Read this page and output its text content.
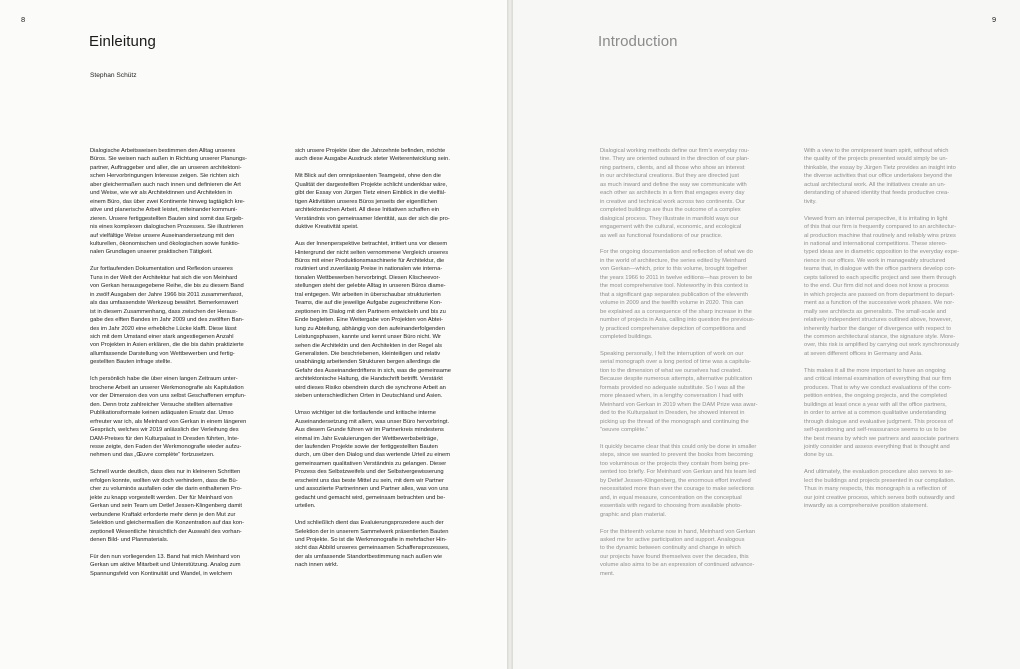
8
Einleitung
Stephan Schütz

Dialogische Arbeitsweisen bestimmen den Alltag unseres
Büros. Sie weisen nach außen in Richtung unserer Planungs-
partner, Auftraggeber und aller, die an unseren architektoni-
schen Hervorbringungen Interesse zeigen. Sie richten sich
aber gleichermaßen auch nach innen und definieren die Art
und Weise, wie wir als Architektinnen und Architekten in
einem Büro, das über zwei Kontinente hinweg tagtäglich kre-
ative und planerische Arbeit leistet, miteinander kommuni-
zieren. Unsere fertiggestellten Bauten sind somit das Ergeb-
nis eines komplexen dialogischen Prozesses. Sie illustrieren
auf vielfältige Weise unsere Auseinandersetzung mit den
kulturellen, ökonomischen und ökologischen sowie funktio-
nalen Grundlagen unserer praktischen Tätigkeit.

Zur fortlaufenden Dokumentation und Reflexion unseres
Tuns in der Welt der Architektur hat sich die von Meinhard
von Gerkan herausgegebene Reihe, die bis zu diesem Band
in zwölf Ausgaben der Jahre 1966 bis 2011 zusammenfasst,
als das umfassendste Werkzeug bewährt. Bemerkenswert
ist in diesem Zusammenhang, dass zwischen der Heraus-
gabe des elften Bandes im Jahr 2009 und des zwölften Ban-
des im Jahr 2020 eine erhebliche Lücke klafft. Diese lässt
sich mit dem Umstand einer stark angestiegenen Anzahl
von Projekten in Asien erklären, die die bis dahin praktizierte
allumfassende Darstellung von Wettbewerben und fertig-
gestellten Bauten infrage stellte.

Ich persönlich habe die über einen langen Zeitraum unter-
brochene Arbeit an unserer Werkmonografie als Kapitulation
vor der Dimension des von uns selbst Geschaffenen empfun-
den. Denn trotz zahlreicher Versuche stellten alternative
Publikationsformate keinen adäquaten Ersatz dar. Umso
erfreuter war ich, als Meinhard von Gerkan in einem längeren
Gespräch, welches wir 2019 anlässlich der Verleihung des
DAM-Preises für den Kulturpalast in Dresden führten, Inte-
resse zeigte, den Faden der Werkmonografie wieder aufzu-
nehmen und das „Œuvre complète“ fortzusetzen.

Schnell wurde deutlich, dass dies nur in kleineren Schritten
erfolgen konnte, wollten wir doch verhindern, dass die Bü-
cher zu voluminös ausfallen oder die darin enthaltenen Pro-
jekte zu knapp vorgestellt werden. Der für Meinhard von
Gerkan und sein Team um Detlef Jessen-Klingenberg damit
verbundene Kraftakt erforderte mehr denn je den Mut zur
Selektion und gleichermaßen die Konzentration auf das kon-
zeptionell Wesentliche hinsichtlich der Auswahl des vorhan-
denen Bild- und Planmaterials.

Für den nun vorliegenden 13. Band hat mich Meinhard von
Gerkan um aktive Mitarbeit und Unterstützung. Analog zum
Spannungsfeld von Kontinuität und Wandel, in welchem

sich unsere Projekte über die Jahrzehnte befinden, möchte
auch diese Ausgabe Ausdruck steter Weiterentwicklung sein.

Mit Blick auf den omnipräsenten Teamgeist, ohne den die
Qualität der dargestellten Projekte schlicht undenkbar wäre,
gibt der Essay von Jürgen Tietz einen Einblick in die vielfäl-
tigen Aktivitäten unseres Büros jenseits der eigentlichen
architektonischen Arbeit. All diese Initiativen schaffen ein
Verständnis von gemeinsamer Identität, aus der sich die pro-
duktive Kreativität speist.

Aus der Innenperspektive betrachtet, irritiert uns vor diesem
Hintergrund der nicht selten vernommene Vergleich unseres
Büros mit einer Produktionsmaschinerie für Architektur, die
routiniert und zuverlässig Preise in nationalen wie interna-
tionalen Wettbewerben hervorbringt. Diesen Klischeevor-
stellungen steht der gelebte Alltag in unseren Büros diame-
tral entgegen. Wir arbeiten in überschaubar strukturierten
Teams, die auf die jeweilige Aufgabe zugeschnittene Kon-
zeptionen im Dialog mit den Partnern entwickeln und bis zu
Ende begleiten. Eine Weitergabe von Projekten von Abtei-
lung zu Abteilung, abhängig von den aufeinanderfolgenden
Leistungsphasen, kannte und kennt unser Büro nicht. Wir
sehen die Architektin und den Architekten in der Regel als
Generalisten. Die beschriebenen, kleinteiligen und relativ
unabhängig arbeitenden Strukturen bergen allerdings die
Gefahr des Auseinanderdriftens in sich, was die gemeinsame
architektonische Haltung, die Handschrift betrifft. Verstärkt
wird dieses Risiko obendrein durch die synchrone Arbeit an
sieben unterschiedlichen Orten in Deutschland und Asien.

Umso wichtiger ist die fortlaufende und kritische interne
Auseinandersetzung mit allem, was unser Büro hervorbringt.
Aus diesem Grunde führen wir im Partnerkreis mindestens
einmal im Jahr Evaluierungen der Wettbewerbsbeiträge,
der laufenden Projekte sowie der fertiggestellten Bauten
durch, um über den Dialog und das wertende Urteil zu einem
gemeinsamen qualitativen Verständnis zu gelangen. Dieser
Prozess des Selbstzweifels und der Selbstvergewisserung
erscheint uns das beste Mittel zu sein, mit dem wir Partner
und assoziierte Partnerinnen und Partner alles, was von uns
gedacht und gemacht wird, gemeinsam betrachten und be-
urteilen.

Und schließlich dient das Evaluierungsprozedere auch der
Selektion der in unserem Sammelwerk präsentierten Bauten
und Projekte. So ist die Werkmonografie in mehrfacher Hin-
sicht das Abbild unseres gemeinsamen Schaffensprozesses,
der als umfassende Standortbestimmung nach außen wie
nach innen wirkt.

9
Introduction

Dialogical working methods define our firm’s everyday rou-
tine. They are oriented outward in the direction of our plan-
ning partners, clients, and all those who show an interest
in our architectural creations. But they are directed just
as much inward and define the way we communicate with
each other as architects in a firm that engages every day
in creative and technical work across two continents. Our
completed buildings are thus the outcome of a complex
dialogical process. They illustrate in manifold ways our
engagement with the cultural, economic, and ecological
as well as functional foundations of our practice.

For the ongoing documentation and reflection of what we do
in the world of architecture, the series edited by Meinhard
von Gerkan—which, prior to this volume, brought together
the years 1966 to 2011 in twelve editions—has proven to be
the most comprehensive tool. Noteworthy in this context is
that a significant gap separates publication of the eleventh
volume in 2009 and the twelfth volume in 2020. This can
be explained as a consequence of the sharp increase in the
number of projects in Asia, calling into question the previous-
ly practiced comprehensive depiction of competitions and
completed buildings.

Speaking personally, I felt the interruption of work on our
serial monograph over a long period of time was a capitula-
tion to the dimension of what we ourselves had created.
Because despite numerous attempts, alternative publication
formats provided no adequate substitute. So I was all the
more pleased when, in a lengthy conversation I had with
Meinhard von Gerkan in 2019 when the DAM Prize was awar-
ded to the Kulturpalast in Dresden, he showed interest in
picking up the thread of the monograph and continuing the
“oeuvre complète.”

It quickly became clear that this could only be done in smaller
steps, since we wanted to prevent the books from becoming
too voluminous or the projects they contain from being pre-
sented too briefly. For Meinhard von Gerkan and his team led
by Detlef Jessen-Klingenberg, the enormous effort involved
necessitated more than ever the courage to make selections
and, in equal measure, concentration on the conceptual
essentials with regard to choosing from available photo-
graphic and plan material.

For the thirteenth volume now in hand, Meinhard von Gerkan
asked me for active participation and support. Analogous
to the dynamic between continuity and change in which
our projects have found themselves over the decades, this
volume also aims to be an expression of continued advance-
ment.

With a view to the omnipresent team spirit, without which
the quality of the projects presented would simply be un-
thinkable, the essay by Jürgen Tietz provides an insight into
the diverse activities that our office undertakes beyond the
actual architectural work. All the initiatives create an un-
derstanding of shared identity that feeds productive crea-
tivity.

Viewed from an internal perspective, it is irritating in light
of this that our firm is frequently compared to an architectur-
al production machine that routinely and reliably wins prizes
in national and international competitions. These stereo-
typed ideas are in diametric opposition to the everyday expe-
rience in our offices. We work in manageably structured
teams that, in dialogue with the office partners develop con-
cepts tailored to each specific project and see them through
to the end. Our firm did not and does not know a process
in which projects are passed on from department to depart-
ment as a function of the successive work phases. We nor-
mally see architects as generalists. The small-scale and
relatively independent structures outlined above, however,
inherently harbor the danger of divergence with respect to
the common architectural stance, the signature style. More-
over, this risk is amplified by carrying out work synchronously
at seven different offices in Germany and Asia.

This makes it all the more important to have an ongoing
and critical internal examination of everything that our firm
produces. That is why we conduct evaluations of the com-
petition entries, the ongoing projects, and the completed
buildings at least once a year with all the office partners,
in order to arrive at a common qualitative understanding
through dialogue and evaluative judgment. This process of
self-questioning and self-reassurance seems to us to be
the best means by which we partners and associate partners
jointly consider and assess everything that is thought and
done by us.

And ultimately, the evaluation procedure also serves to se-
lect the buildings and projects presented in our compilation.
Thus in many respects, this monograph is a reflection of
our joint creative process, which serves both outwardly and
inwardly as a comprehensive position statement.
